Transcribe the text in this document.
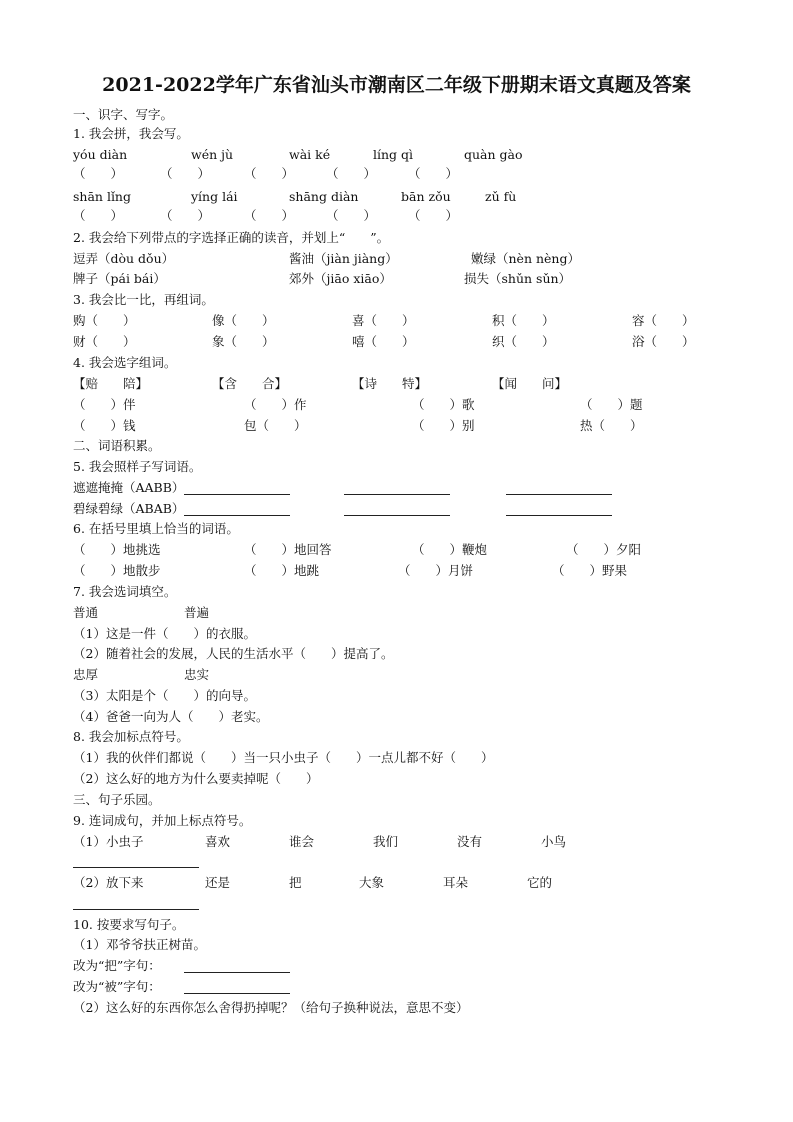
2021-2022学年广东省汕头市潮南区二年级下册期末语文真题及答案
一、识字、写字。
1. 我会拼，我会写。
yóu diàn	wén jù	wài ké	líng qì	quàn gào
（　　）	（　　）	（　　）	（　　）	（　　）
shān lǐng	yíng lái	shāng diàn	bān zǒu	zǔ fù
（　　）	（　　）	（　　）	（　　）	（　　）
2. 我会给下列带点的字选择正确的读音，并划上“　　”。
逗弄（dòu dǒu）	酱油（jiàn jiàng）	嫩绿（nèn nèng）
牌子（pái bái）	郊外（jiāo xiāo）	损失（shǔn sǔn）
3. 我会比一比，再组词。
购（　　）	像（　　）	喜（　　）	积（　　）	容（　　）
财（　　）	象（　　）	嘻（　　）	织（　　）	浴（　　）
4. 我会选字组词。
【赔　　陪】	【含　　合】	【诗　　特】	【闻　　问】
（　　）伴	（　　）作	（　　）歌	（　　）题
（　　）钱	包（　　）	（　　）别	热（　　）
二、词语积累。
5. 我会照样子写词语。
遮遮掩掩（AABB）
碧绿碧绿（ABAB）
6. 在括号里填上恰当的词语。
（　　）地挑选	（　　）地回答	（　　）鞭炮	（　　）夕阳
（　　）地散步	（　　）地跳	（　　）月饼	（　　）野果
7. 我会选词填空。
普通	普遍
（1）这是一件（　　）的衣服。
（2）随着社会的发展，人民的生活水平（　　）提高了。
忠厚	忠实
（3）太阳是个（　　）的向导。
（4）爸爸一向为人（　　）老实。
8. 我会加标点符号。
（1）我的伙伴们都说（　　）当一只小虫子（　　）一点儿都不好（　　）
（2）这么好的地方为什么要卖掉呢（　　）
三、句子乐园。
9. 连词成句，并加上标点符号。
（1）小虫子	喜欢	谁会	我们	没有	小鸟
（2）放下来	还是	把	大象	耳朵	它的
10. 按要求写句子。
（1）邓爷爷扶正树苗。
改为“把”字句：
改为“被”字句：
（2）这么好的东西你怎么舍得扔掉呢？（给句子换种说法，意思不变）
